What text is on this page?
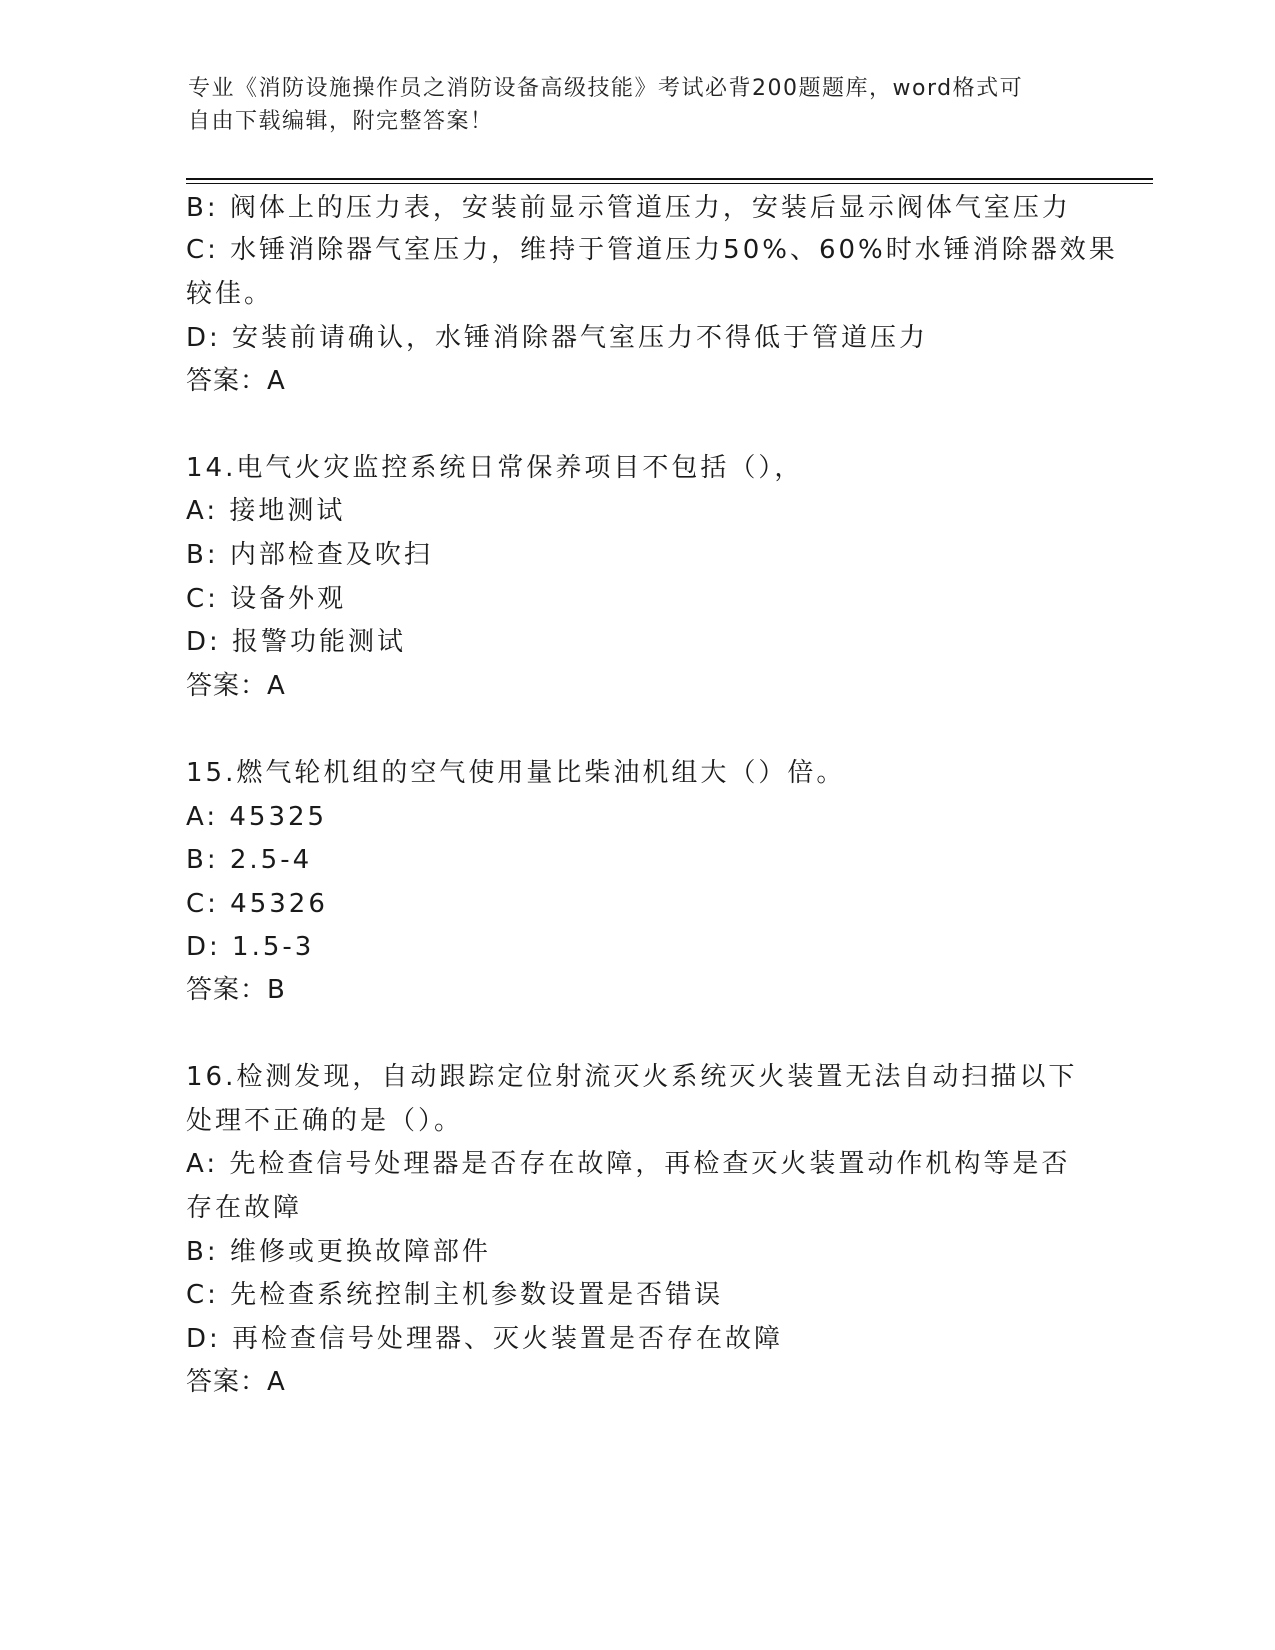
专业《消防设施操作员之消防设备高级技能》考试必背200题题库，word格式可
自由下载编辑，附完整答案！
B: 阀体上的压力表，安装前显示管道压力，安装后显示阀体气室压力
C: 水锤消除器气室压力，维持于管道压力50%、60%时水锤消除器效果
较佳。
D: 安装前请确认，水锤消除器气室压力不得低于管道压力
答案：A
14.电气火灾监控系统日常保养项目不包括（），
A: 接地测试
B: 内部检查及吹扫
C: 设备外观
D: 报警功能测试
答案：A
15.燃气轮机组的空气使用量比柴油机组大（）倍。
A: 45325
B: 2.5-4
C: 45326
D: 1.5-3
答案：B
16.检测发现，自动跟踪定位射流灭火系统灭火装置无法自动扫描以下
处理不正确的是（）。
A: 先检查信号处理器是否存在故障，再检查灭火装置动作机构等是否
存在故障
B: 维修或更换故障部件
C: 先检查系统控制主机参数设置是否错误
D: 再检查信号处理器、灭火装置是否存在故障
答案：A
